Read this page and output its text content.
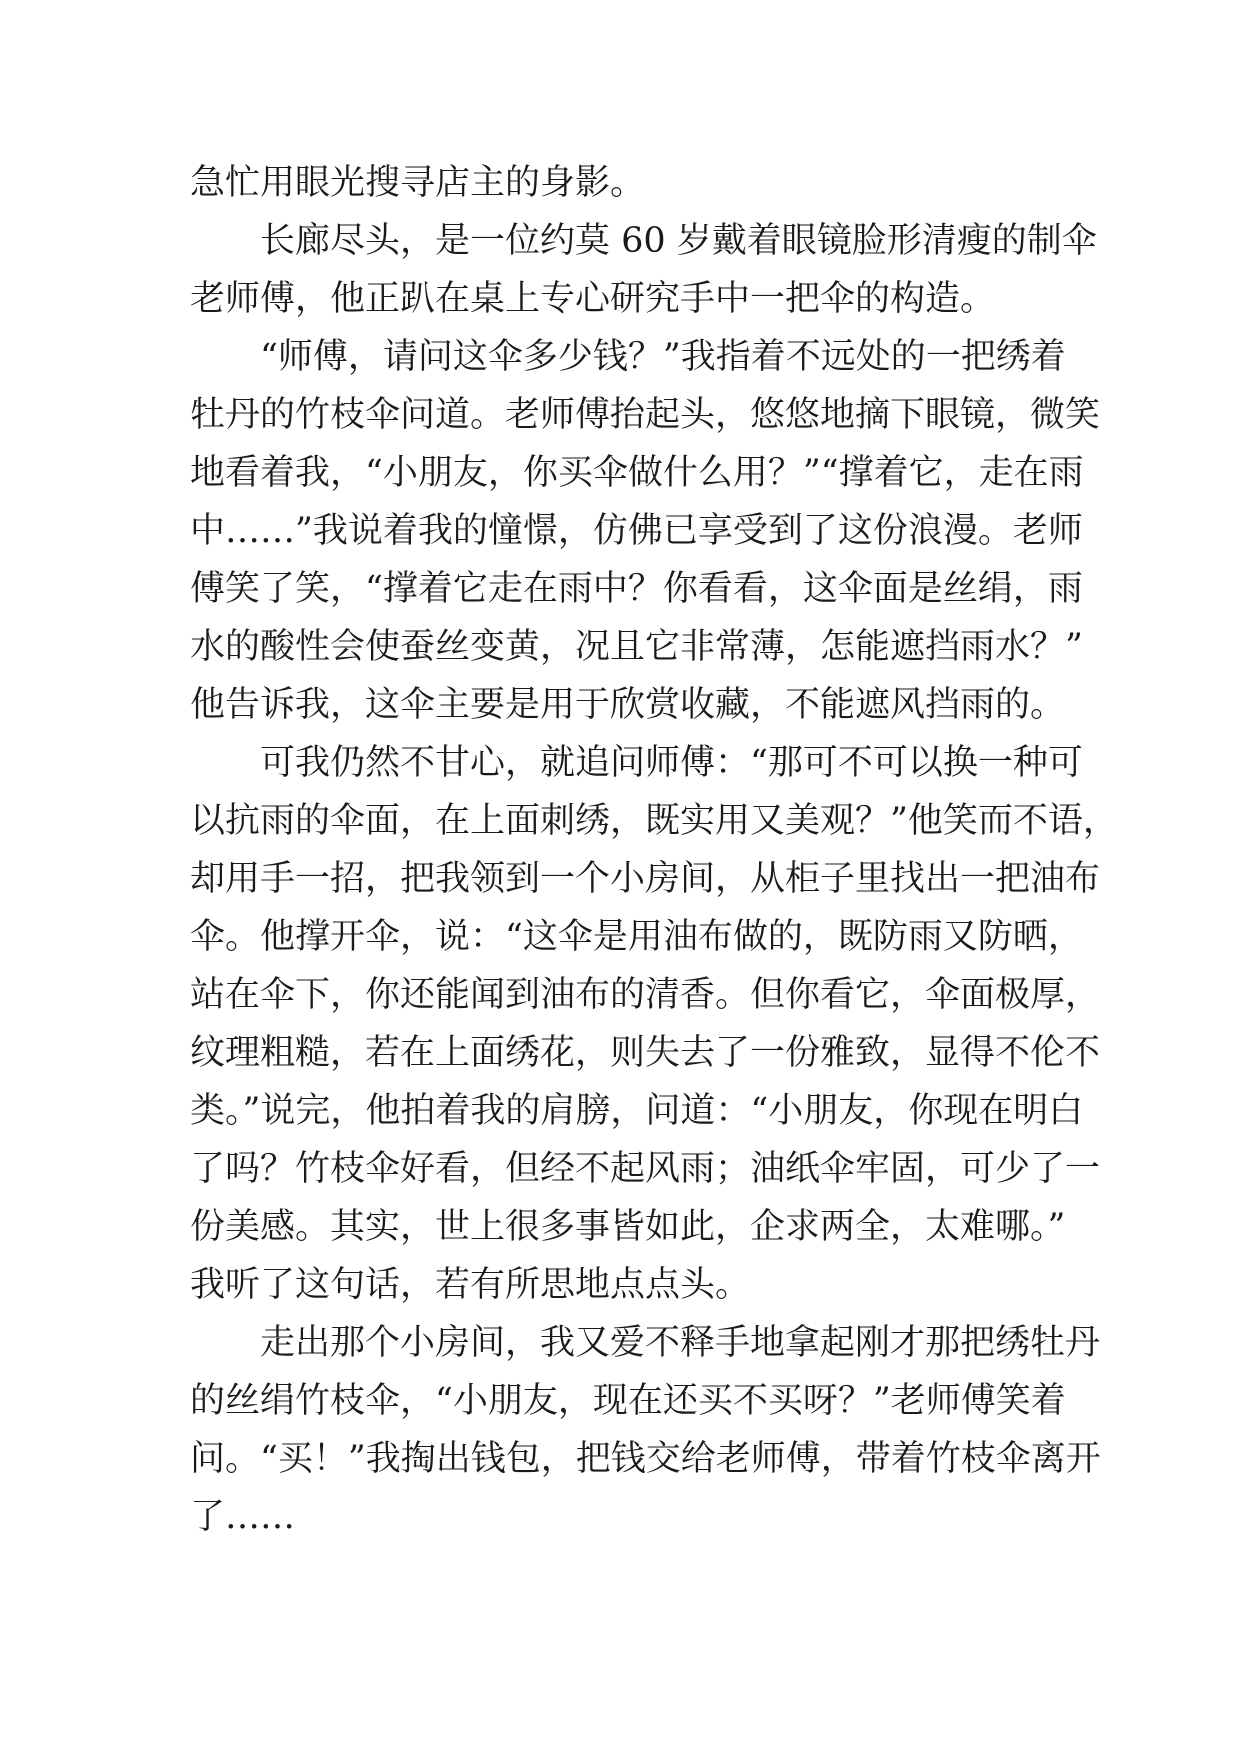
急忙用眼光搜寻店主的身影。
长廊尽头，是一位约莫 60 岁戴着眼镜脸形清瘦的制伞
老师傅，他正趴在桌上专心研究手中一把伞的构造。
“师傅，请问这伞多少钱？”我指着不远处的一把绣着
牡丹的竹枝伞问道。老师傅抬起头，悠悠地摘下眼镜，微笑
地看着我，“小朋友，你买伞做什么用？”“撑着它，走在雨
中……”我说着我的憧憬，仿佛已享受到了这份浪漫。老师
傅笑了笑，“撑着它走在雨中？你看看，这伞面是丝绢，雨
水的酸性会使蚕丝变黄，况且它非常薄，怎能遮挡雨水？”
他告诉我，这伞主要是用于欣赏收藏，不能遮风挡雨的。
可我仍然不甘心，就追问师傅：“那可不可以换一种可
以抗雨的伞面，在上面刺绣，既实用又美观？”他笑而不语，
却用手一招，把我领到一个小房间，从柜子里找出一把油布
伞。他撑开伞，说：“这伞是用油布做的，既防雨又防晒，
站在伞下，你还能闻到油布的清香。但你看它，伞面极厚，
纹理粗糙，若在上面绣花，则失去了一份雅致，显得不伦不
类。”说完，他拍着我的肩膀，问道：“小朋友，你现在明白
了吗？竹枝伞好看，但经不起风雨；油纸伞牢固，可少了一
份美感。其实，世上很多事皆如此，企求两全，太难哪。”
我听了这句话，若有所思地点点头。
走出那个小房间，我又爱不释手地拿起刚才那把绣牡丹
的丝绢竹枝伞，“小朋友，现在还买不买呀？”老师傅笑着
问。“买！”我掏出钱包，把钱交给老师傅，带着竹枝伞离开
了……
